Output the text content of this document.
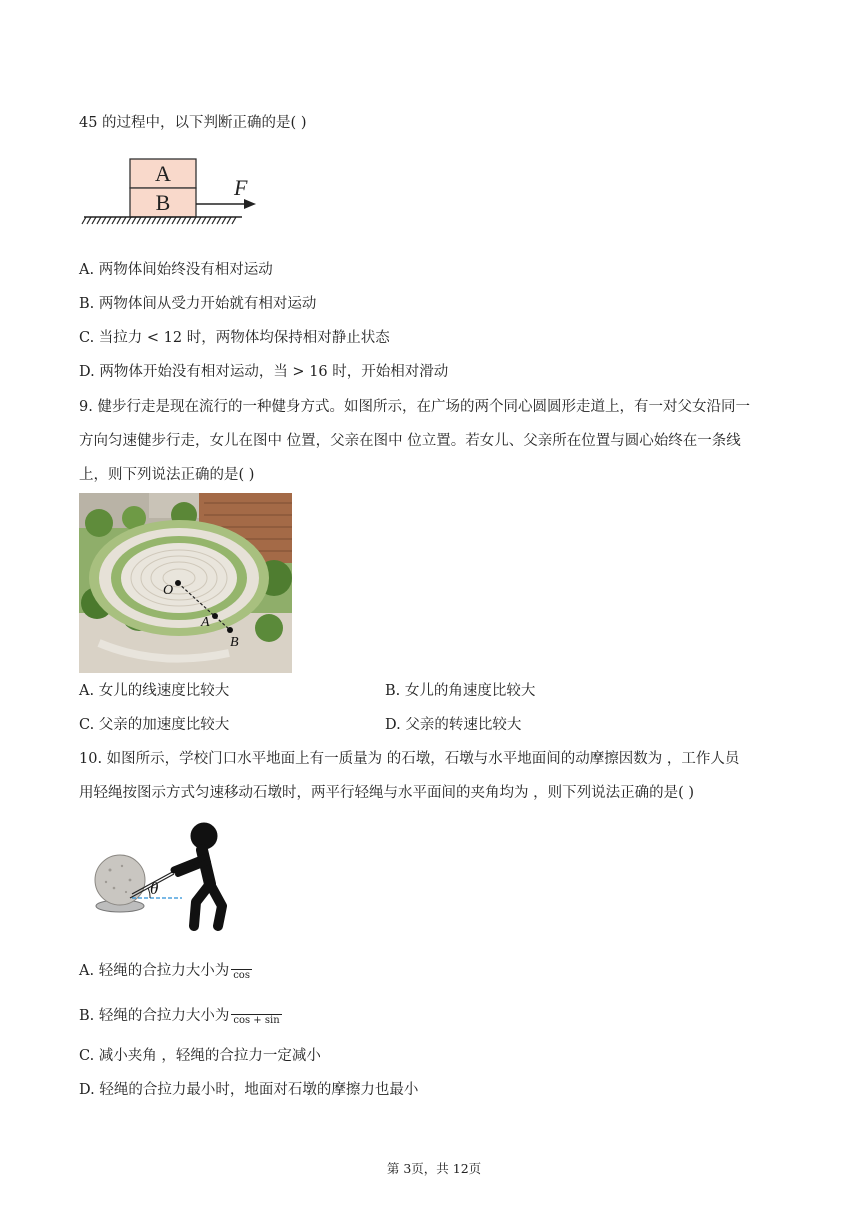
45 的过程中，以下判断正确的是( )
A
B
F
A. 两物体间始终没有相对运动
B. 两物体间从受力开始就有相对运动
C. 当拉力 < 12 时，两物体均保持相对静止状态
D. 两物体开始没有相对运动，当 > 16 时，开始相对滑动
9. 健步行走是现在流行的一种健身方式。如图所示，在广场的两个同心圆圆形走道上，有一对父女沿同一
方向匀速健步行走，女儿在图中 位置，父亲在图中 位立置。若女儿、父亲所在位置与圆心始终在一条线
上，则下列说法正确的是( )
O
A
B
A. 女儿的线速度比较大	B. 女儿的角速度比较大
C. 父亲的加速度比较大	D. 父亲的转速比较大
10. 如图所示，学校门口水平地面上有一质量为 的石墩，石墩与水平地面间的动摩擦因数为 ，工作人员
用轻绳按图示方式匀速移动石墩时，两平行轻绳与水平面间的夹角均为 ，则下列说法正确的是( )
θ
A. 轻绳的合拉力大小为 cos
B. 轻绳的合拉力大小为 cos + sin
C. 减小夹角 ，轻绳的合拉力一定减小
D. 轻绳的合拉力最小时，地面对石墩的摩擦力也最小
第 3页，共 12页
